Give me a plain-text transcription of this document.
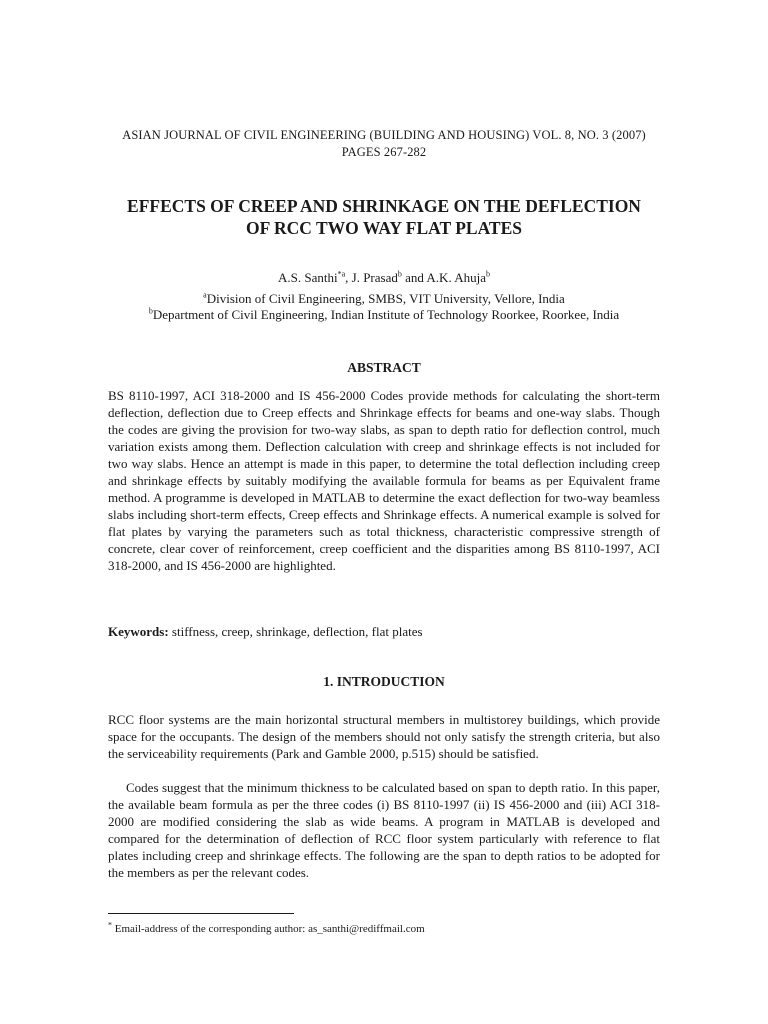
ASIAN JOURNAL OF CIVIL ENGINEERING (BUILDING AND HOUSING) VOL. 8, NO. 3 (2007)
PAGES 267-282
EFFECTS OF CREEP AND SHRINKAGE ON THE DEFLECTION
OF RCC TWO WAY FLAT PLATES
A.S. Santhi$^{*a}$, J. Prasad$^b$ and A.K. Ahuja$^b$
$^a$Division of Civil Engineering, SMBS, VIT University, Vellore, India
$^b$Department of Civil Engineering, Indian Institute of Technology Roorkee, Roorkee, India
ABSTRACT
BS 8110-1997, ACI 318-2000 and IS 456-2000 Codes provide methods for calculating the short-term deflection, deflection due to Creep effects and Shrinkage effects for beams and one-way slabs. Though the codes are giving the provision for two-way slabs, as span to depth ratio for deflection control, much variation exists among them. Deflection calculation with creep and shrinkage effects is not included for two way slabs. Hence an attempt is made in this paper, to determine the total deflection including creep and shrinkage effects by suitably modifying the available formula for beams as per Equivalent frame method. A programme is developed in MATLAB to determine the exact deflection for two-way beamless slabs including short-term effects, Creep effects and Shrinkage effects. A numerical example is solved for flat plates by varying the parameters such as total thickness, characteristic compressive strength of concrete, clear cover of reinforcement, creep coefficient and the disparities among BS 8110-1997, ACI 318-2000, and IS 456-2000 are highlighted.
Keywords: stiffness, creep, shrinkage, deflection, flat plates
1. INTRODUCTION
RCC floor systems are the main horizontal structural members in multistorey buildings, which provide space for the occupants. The design of the members should not only satisfy the strength criteria, but also the serviceability requirements (Park and Gamble 2000, p.515) should be satisfied.
Codes suggest that the minimum thickness to be calculated based on span to depth ratio. In this paper, the available beam formula as per the three codes (i) BS 8110-1997 (ii) IS 456-2000 and (iii) ACI 318- 2000 are modified considering the slab as wide beams. A program in MATLAB is developed and compared for the determination of deflection of RCC floor system particularly with reference to flat plates including creep and shrinkage effects. The following are the span to depth ratios to be adopted for the members as per the relevant codes.
* Email-address of the corresponding author: as_santhi@rediffmail.com
